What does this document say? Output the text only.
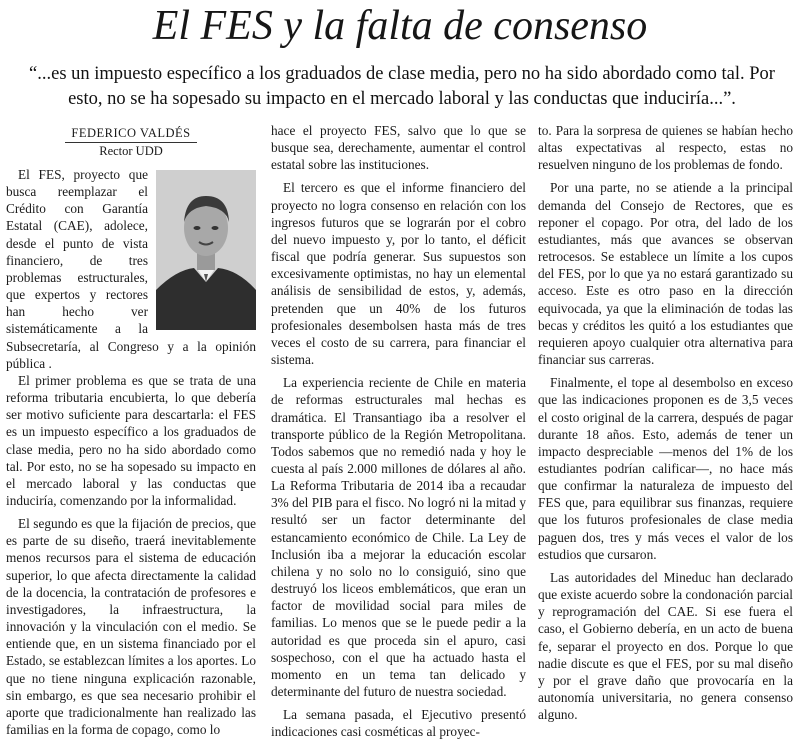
El FES y la falta de consenso

“...es un impuesto específico a los graduados de clase media, pero no ha sido abordado como tal. Por esto, no se ha sopesado su impacto en el mercado laboral y las conductas que induciría...”.

FEDERICO VALDÉS
Rector UDD

El FES, proyecto que busca reemplazar el Crédito con Garantía Estatal (CAE), adolece, desde el punto de vista financiero, de tres problemas estructurales, que expertos y rectores han hecho ver sistemáticamente a la Subsecretaría, al Congreso y a la opinión pública .

El primer problema es que se trata de una reforma tributaria encubierta, lo que debería ser motivo suficiente para descartarla: el FES es un impuesto específico a los graduados de clase media, pero no ha sido abordado como tal. Por esto, no se ha sopesado su impacto en el mercado laboral y las conductas que induciría, comenzando por la informalidad.

El segundo es que la fijación de precios, que es parte de su diseño, traerá inevitablemente menos recursos para el sistema de educación superior, lo que afecta directamente la calidad de la docencia, la contratación de profesores e investigadores, la infraestructura, la innovación y la vinculación con el medio. Se entiende que, en un sistema financiado por el Estado, se establezcan límites a los aportes. Lo que no tiene ninguna explicación razonable, sin embargo, es que sea necesario prohibir el aporte que tradicionalmente han realizado las familias en la forma de copago, como lo

hace el proyecto FES, salvo que lo que se busque sea, derechamente, aumentar el control estatal sobre las instituciones.

El tercero es que el informe financiero del proyecto no logra consenso en relación con los ingresos futuros que se lograrán por el cobro del nuevo impuesto y, por lo tanto, el déficit fiscal que podría generar. Sus supuestos son excesivamente optimistas, no hay un elemental análisis de sensibilidad de estos, y, además, pretenden que un 40% de los futuros profesionales desembolsen hasta más de tres veces el costo de su carrera, para financiar el sistema.

La experiencia reciente de Chile en materia de reformas estructurales mal hechas es dramática. El Transantiago iba a resolver el transporte público de la Región Metropolitana. Todos sabemos que no remedió nada y hoy le cuesta al país 2.000 millones de dólares al año. La Reforma Tributaria de 2014 iba a recaudar 3% del PIB para el fisco. No logró ni la mitad y resultó ser un factor determinante del estancamiento económico de Chile. La Ley de Inclusión iba a mejorar la educación escolar chilena y no solo no lo consiguió, sino que destruyó los liceos emblemáticos, que eran un factor de movilidad social para miles de familias. Lo menos que se le puede pedir a la autoridad es que proceda sin el apuro, casi sospechoso, con el que ha actuado hasta el momento en un tema tan delicado y determinante del futuro de nuestra sociedad.

La semana pasada, el Ejecutivo presentó indicaciones casi cosméticas al proyec-

to. Para la sorpresa de quienes se habían hecho altas expectativas al respecto, estas no resuelven ninguno de los problemas de fondo.

Por una parte, no se atiende a la principal demanda del Consejo de Rectores, que es reponer el copago. Por otra, del lado de los estudiantes, más que avances se observan retrocesos. Se establece un límite a los cupos del FES, por lo que ya no estará garantizado su acceso. Este es otro paso en la dirección equivocada, ya que la eliminación de todas las becas y créditos les quitó a los estudiantes que requieren apoyo cualquier otra alternativa para financiar sus carreras.

Finalmente, el tope al desembolso en exceso que las indicaciones proponen es de 3,5 veces el costo original de la carrera, después de pagar durante 18 años. Esto, además de tener un impacto despreciable —menos del 1% de los estudiantes podrían calificar—, no hace más que confirmar la naturaleza de impuesto del FES que, para equilibrar sus finanzas, requiere que los futuros profesionales de clase media paguen dos, tres y más veces el valor de los estudios que cursaron.

Las autoridades del Mineduc han declarado que existe acuerdo sobre la condonación parcial y reprogramación del CAE. Si ese fuera el caso, el Gobierno debería, en un acto de buena fe, separar el proyecto en dos. Porque lo que nadie discute es que el FES, por su mal diseño y por el grave daño que provocaría en la autonomía universitaria, no genera consenso alguno.
